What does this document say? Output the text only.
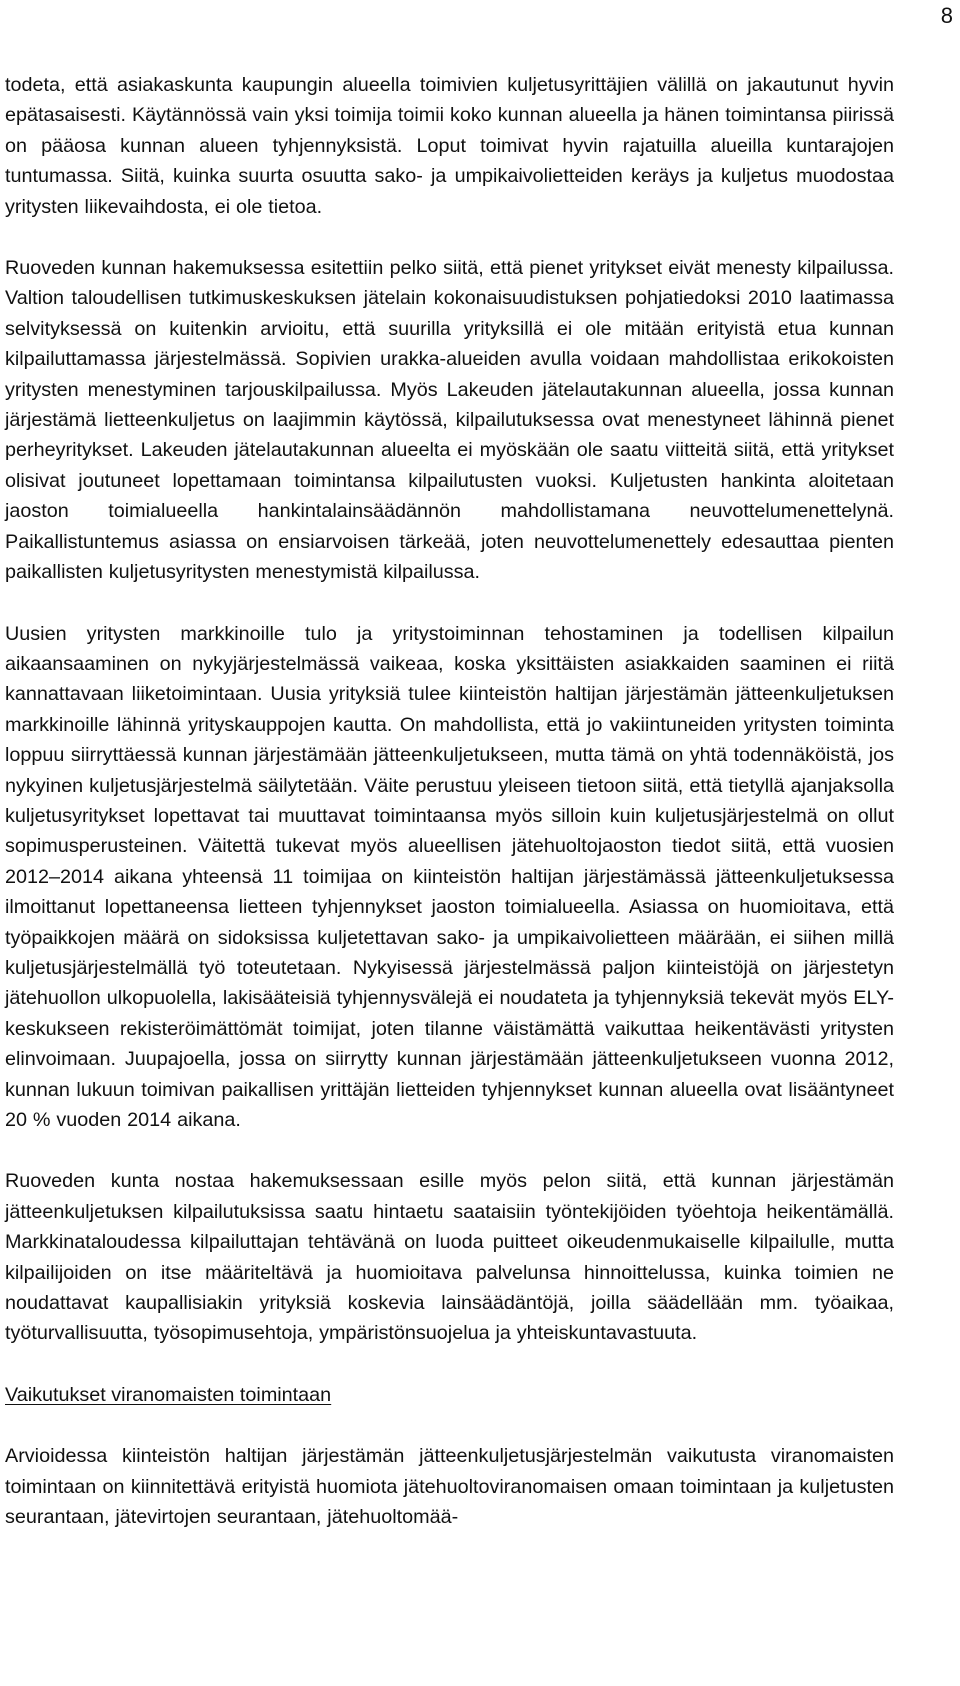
8

todeta, että asiakaskunta kaupungin alueella toimivien kuljetusyrittäjien välillä on jakautunut hyvin epätasaisesti. Käytännössä vain yksi toimija toimii koko kunnan alueella ja hänen toimintansa piirissä on pääosa kunnan alueen tyhjennyksistä. Loput toimivat hyvin rajatuilla alueilla kuntarajojen tuntumassa. Siitä, kuinka suurta osuutta sako- ja umpikaivolietteiden keräys ja kuljetus muodostaa yritysten liikevaihdosta, ei ole tietoa.

Ruoveden kunnan hakemuksessa esitettiin pelko siitä, että pienet yritykset eivät menesty kilpailussa. Valtion taloudellisen tutkimuskeskuksen jätelain kokonaisuudistuksen pohjatiedoksi 2010 laatimassa selvityksessä on kuitenkin arvioitu, että suurilla yrityksillä ei ole mitään erityistä etua kunnan kilpailuttamassa järjestelmässä. Sopivien urakka-alueiden avulla voidaan mahdollistaa erikokoisten yritysten menestyminen tarjouskilpailussa. Myös Lakeuden jätelautakunnan alueella, jossa kunnan järjestämä lietteenkuljetus on laajimmin käytössä, kilpailutuksessa ovat menestyneet lähinnä pienet perheyritykset. Lakeuden jätelautakunnan alueelta ei myöskään ole saatu viitteitä siitä, että yritykset olisivat joutuneet lopettamaan toimintansa kilpailutusten vuoksi. Kuljetusten hankinta aloitetaan jaoston toimialueella hankintalainsäädännön mahdollistamana neuvottelumenettelynä. Paikallistuntemus asiassa on ensiarvoisen tärkeää, joten neuvottelumenettely edesauttaa pienten paikallisten kuljetusyritysten menestymistä kilpailussa.

Uusien yritysten markkinoille tulo ja yritystoiminnan tehostaminen ja todellisen kilpailun aikaansaaminen on nykyjärjestelmässä vaikeaa, koska yksittäisten asiakkaiden saaminen ei riitä kannattavaan liiketoimintaan. Uusia yrityksiä tulee kiinteistön haltijan järjestämän jätteenkuljetuksen markkinoille lähinnä yrityskauppojen kautta. On mahdollista, että jo vakiintuneiden yritysten toiminta loppuu siirryttäessä kunnan järjestämään jätteenkuljetukseen, mutta tämä on yhtä todennäköistä, jos nykyinen kuljetusjärjestelmä säilytetään. Väite perustuu yleiseen tietoon siitä, että tietyllä ajanjaksolla kuljetusyritykset lopettavat tai muuttavat toimintaansa myös silloin kuin kuljetusjärjestelmä on ollut sopimusperusteinen. Väitettä tukevat myös alueellisen jätehuoltojaoston tiedot siitä, että vuosien 2012–2014 aikana yhteensä 11 toimijaa on kiinteistön haltijan järjestämässä jätteenkuljetuksessa ilmoittanut lopettaneensa lietteen tyhjennykset jaoston toimialueella. Asiassa on huomioitava, että työpaikkojen määrä on sidoksissa kuljetettavan sako- ja umpikaivolietteen määrään, ei siihen millä kuljetusjärjestelmällä työ toteutetaan. Nykyisessä järjestelmässä paljon kiinteistöjä on järjestetyn jätehuollon ulkopuolella, lakisääteisiä tyhjennysvälejä ei noudateta ja tyhjennyksiä tekevät myös ELY-keskukseen rekisteröimättömät toimijat, joten tilanne väistämättä vaikuttaa heikentävästi yritysten elinvoimaan. Juupajoella, jossa on siirrytty kunnan järjestämään jätteenkuljetukseen vuonna 2012, kunnan lukuun toimivan paikallisen yrittäjän lietteiden tyhjennykset kunnan alueella ovat lisääntyneet 20 % vuoden 2014 aikana.

Ruoveden kunta nostaa hakemuksessaan esille myös pelon siitä, että kunnan järjestämän jätteenkuljetuksen kilpailutuksissa saatu hintaetu saataisiin työntekijöiden työehtoja heikentämällä. Markkinataloudessa kilpailuttajan tehtävänä on luoda puitteet oikeudenmukaiselle kilpailulle, mutta kilpailijoiden on itse määriteltävä ja huomioitava palvelunsa hinnoittelussa, kuinka toimien ne noudattavat kaupallisiakin yrityksiä koskevia lainsäädäntöjä, joilla säädellään mm. työaikaa, työturvallisuutta, työsopimusehtoja, ympäristönsuojelua ja yhteiskuntavastuuta.

Vaikutukset viranomaisten toimintaan

Arvioidessa kiinteistön haltijan järjestämän jätteenkuljetusjärjestelmän vaikutusta viranomaisten toimintaan on kiinnitettävä erityistä huomiota jätehuoltoviranomaisen omaan toimintaan ja kuljetusten seurantaan, jätevirtojen seurantaan, jätehuoltomää-
